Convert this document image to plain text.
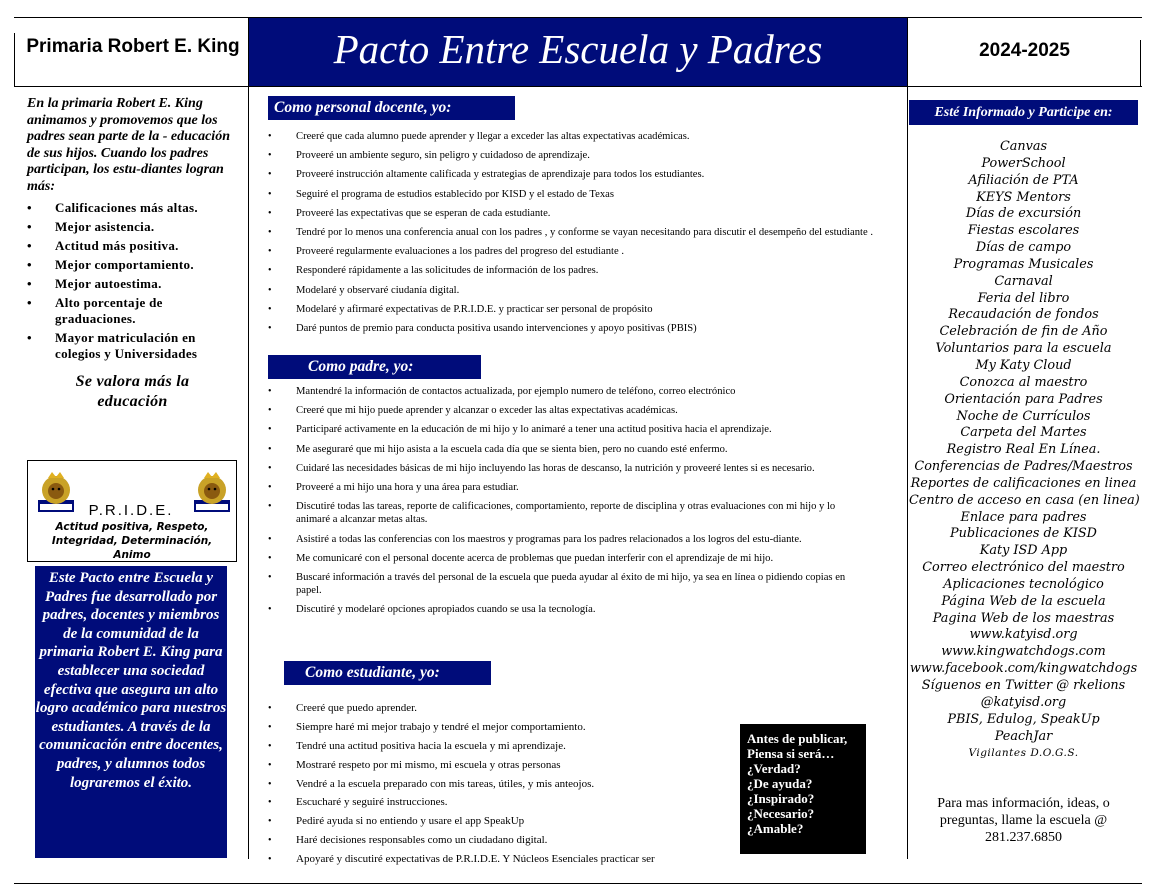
Primaria Robert E. King	Pacto Entre Escuela y Padres	2024-2025
En la primaria Robert E. King animamos y promovemos que los padres sean parte de la - educación de sus hijos. Cuando los padres participan, los estu-diantes logran más:
• Calificaciones más altas.
• Mejor asistencia.
• Actitud más positiva.
• Mejor comportamiento.
• Mejor autoestima.
• Alto porcentaje de graduaciones.
• Mayor matriculación en colegios y Universidades
Se valora más la educación
P.R.I.D.E.
Actitud positiva, Respeto, Integridad, Determinación, Animo
Este Pacto entre Escuela y Padres fue desarrollado por padres, docentes y miembros de la comunidad de la primaria Robert E. King para establecer una sociedad efectiva que asegura un alto logro académico para nuestros estudiantes. A través de la comunicación entre docentes, padres, y alumnos todos lograremos el éxito.
Como personal docente, yo:
• Creeré que cada alumno puede aprender y llegar a exceder las altas expectativas académicas.
• Proveeré un ambiente seguro, sin peligro y cuidadoso de aprendizaje.
• Proveeré instrucción altamente calificada y estrategias de aprendizaje para todos los estudiantes.
• Seguiré el programa de estudios establecido por KISD y el estado de Texas
• Proveeré las expectativas que se esperan de cada estudiante.
• Tendré por lo menos una conferencia anual con los padres , y conforme se vayan necesitando para discutir el desempeño del estudiante .
• Proveeré regularmente evaluaciones a los padres del progreso del estudiante .
• Responderé rápidamente a las solicitudes de información de los padres.
• Modelaré y observaré ciudanía digital.
• Modelaré y afirmaré expectativas de P.R.I.D.E. y practicar ser personal de propósito
• Daré puntos de premio para conducta positiva usando intervenciones y apoyo positivas (PBIS)
Como padre, yo:
• Mantendré la información de contactos actualizada, por ejemplo numero de teléfono, correo electrónico
• Creeré que mi hijo puede aprender y alcanzar o exceder las altas expectativas académicas.
• Participaré activamente en la educación de mi hijo y lo animaré a tener una actitud positiva hacia el aprendizaje.
• Me aseguraré que mi hijo asista a la escuela cada día que se sienta bien, pero no cuando esté enfermo.
• Cuidaré las necesidades básicas de mi hijo incluyendo las horas de descanso, la nutrición y proveeré lentes si es necesario.
• Proveeré a mi hijo una hora y una área para estudiar.
• Discutiré todas las tareas, reporte de calificaciones, comportamiento, reporte de disciplina y otras evaluaciones con mi hijo y lo animaré a alcanzar metas altas.
• Asistiré a todas las conferencias con los maestros y programas para los padres relacionados a los logros del estu-diante.
• Me comunicaré con el personal docente acerca de problemas que puedan interferir con el aprendizaje de mi hijo.
• Buscaré información a través del personal de la escuela que pueda ayudar al éxito de mi hijo, ya sea en línea o pidiendo copias en papel.
• Discutiré y modelaré opciones apropiados cuando se usa la tecnología.
Como estudiante, yo:
• Creeré que puedo aprender.
• Siempre haré mi mejor trabajo y tendré el mejor comportamiento.
• Tendré una actitud positiva hacia la escuela y mi aprendizaje.
• Mostraré respeto por mi mismo, mi escuela y otras personas
• Vendré a la escuela preparado con mis tareas, útiles, y mis anteojos.
• Escucharé y seguiré instrucciones.
• Pediré ayuda si no entiendo y usare el app SpeakUp
• Haré decisiones responsables como un ciudadano digital.
• Apoyaré y discutiré expectativas de P.R.I.D.E. Y Núcleos Esenciales practicar ser
Antes de publicar,
Piensa si será…
¿Verdad?
¿De ayuda?
¿Inspirado?
¿Necesario?
¿Amable?
Esté Informado y Participe en:
Canvas
PowerSchool
Afiliación de PTA
KEYS Mentors
Días de excursión
Fiestas escolares
Días de campo
Programas Musicales
Carnaval
Feria del libro
Recaudación de fondos
Celebración de fin de Año
Voluntarios para la escuela
My Katy Cloud
Conozca al maestro
Orientación para Padres
Noche de Currículos
Carpeta del Martes
Registro Real En Línea.
Conferencias de Padres/Maestros
Reportes de calificaciones en linea
Centro de acceso en casa (en linea)
Enlace para padres
Publicaciones de KISD
Katy ISD App
Correo electrónico del maestro
Aplicaciones tecnológico
Página Web de la escuela
Pagina Web de los maestras
www.katyisd.org
www.kingwatchdogs.com
www.facebook.com/kingwatchdogs
Síguenos en Twitter @ rkelions
@katyisd.org
PBIS, Edulog, SpeakUp
PeachJar
Vigilantes D.O.G.S.
Para mas información, ideas, o preguntas, llame la escuela @ 281.237.6850
